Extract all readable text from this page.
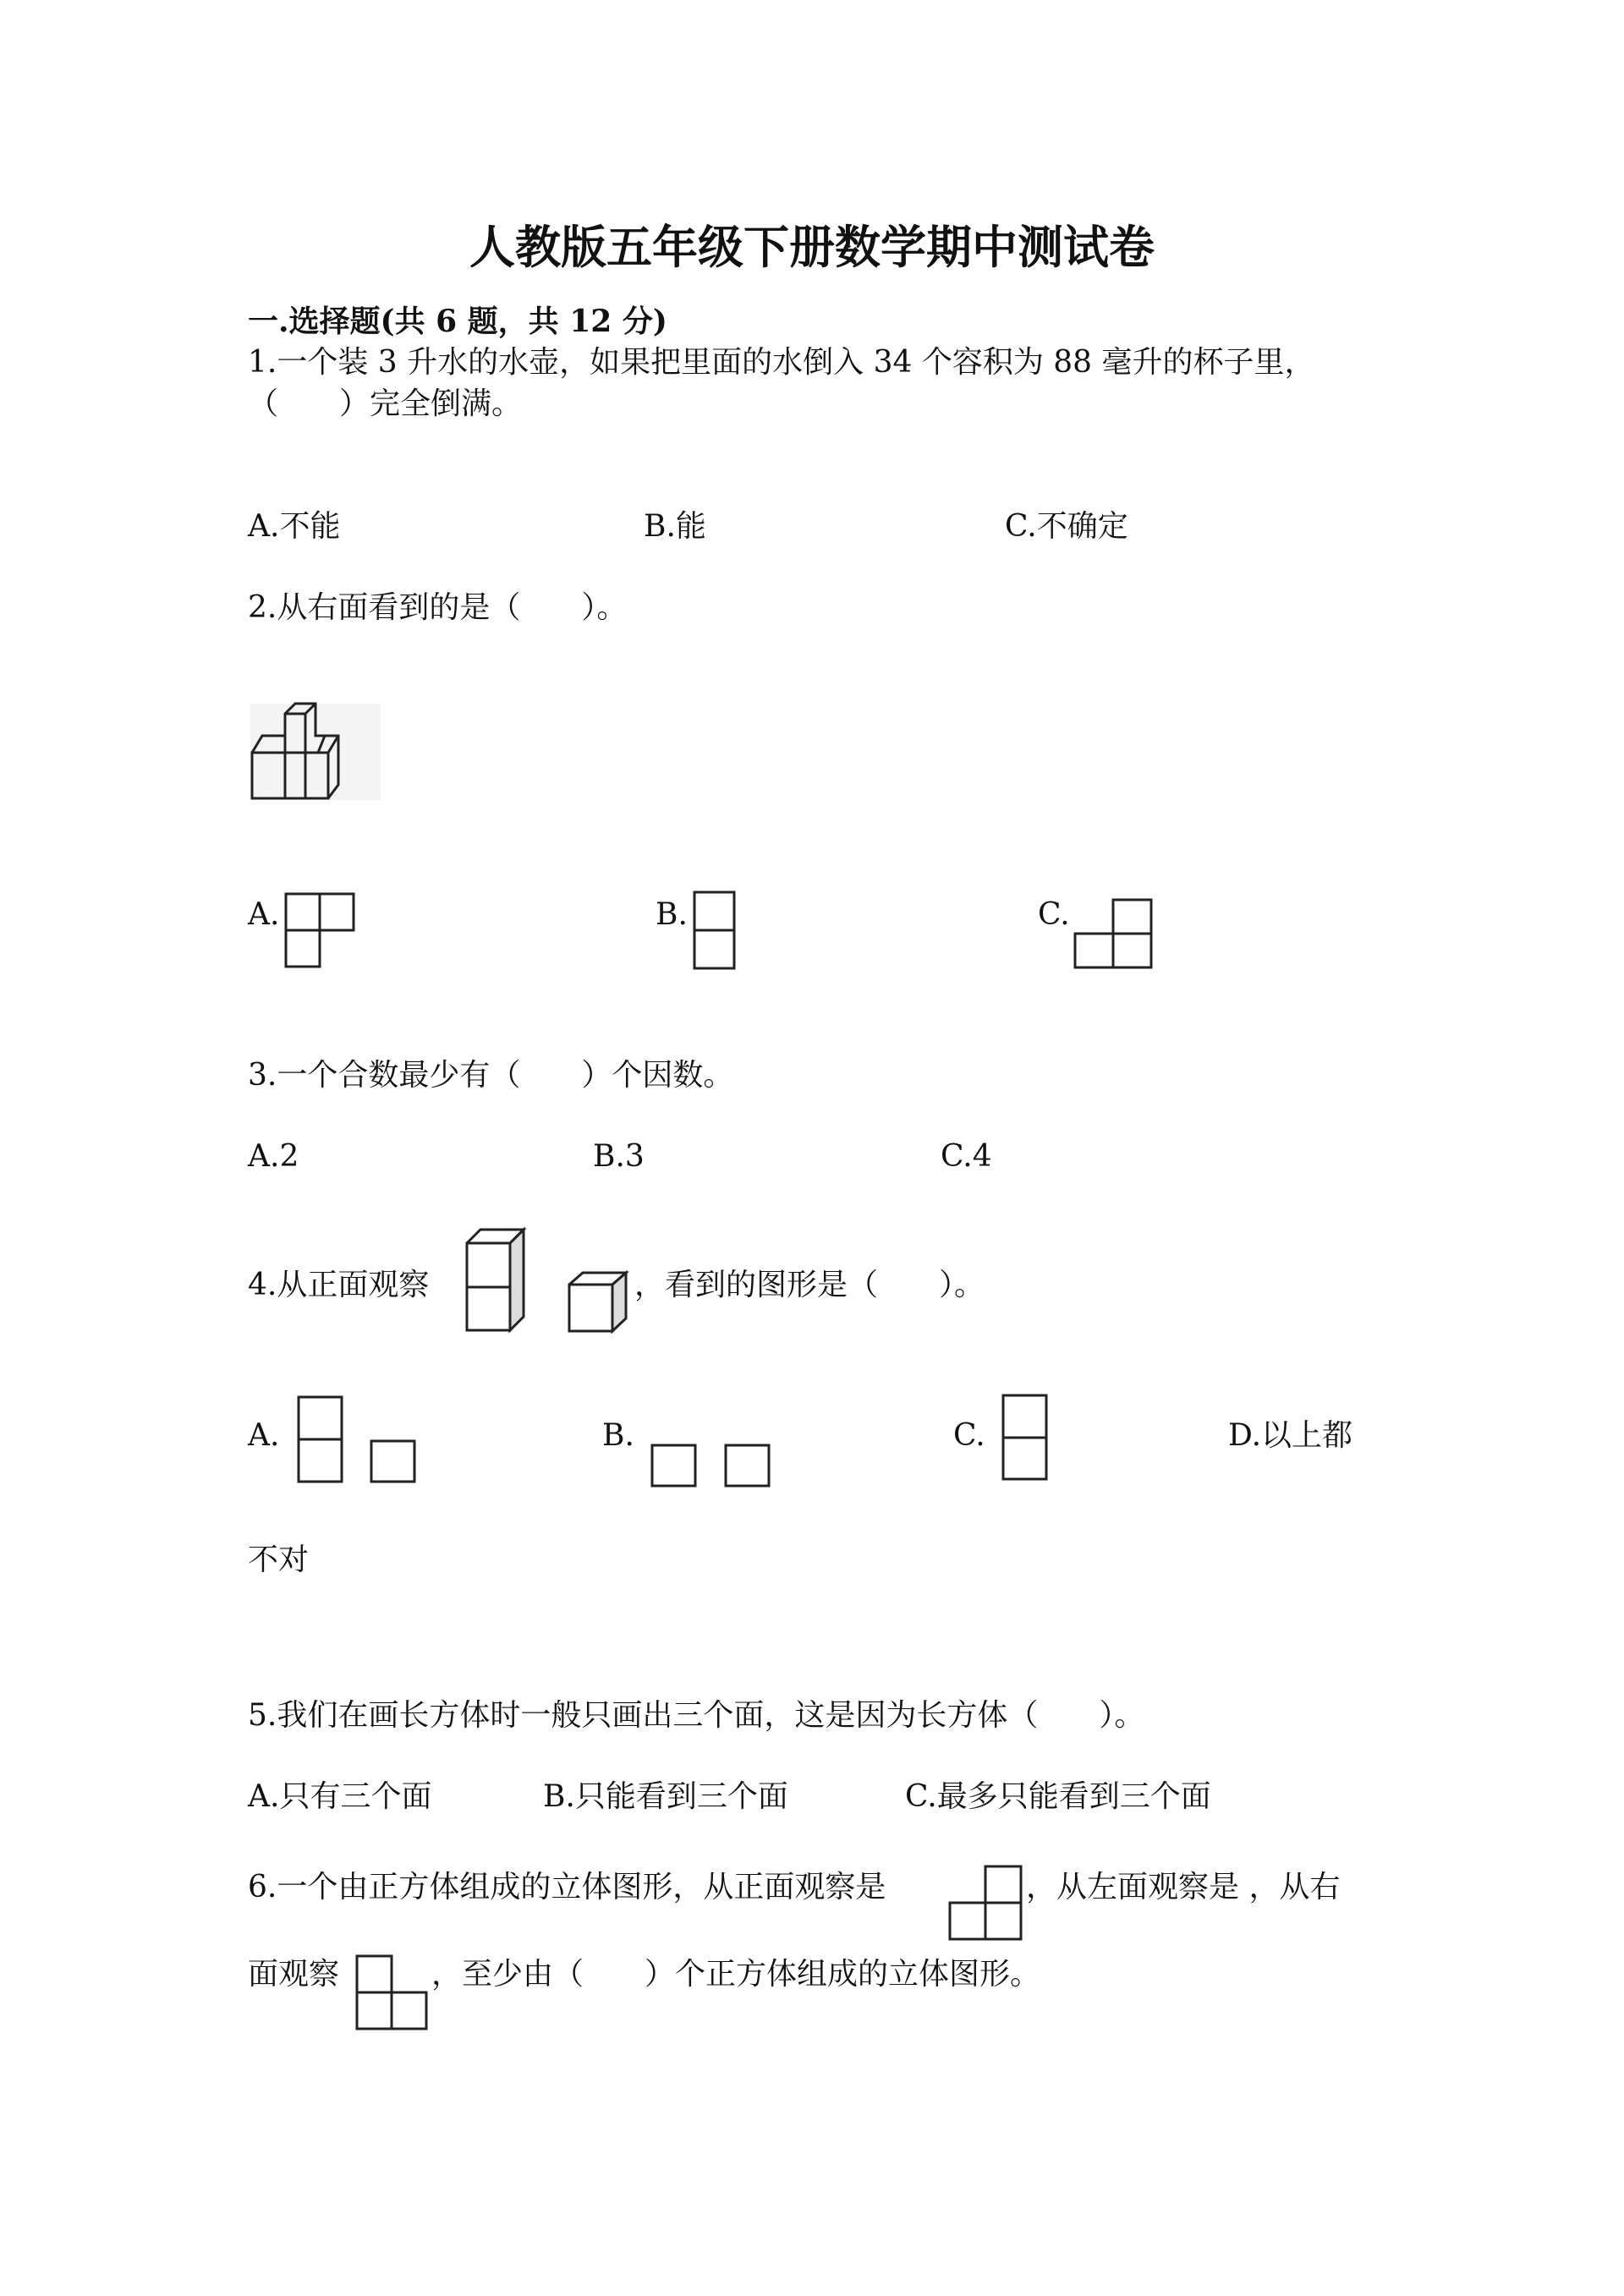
人教版五年级下册数学期中测试卷
一.选择题(共 6 题，共 12 分)
1.一个装 3 升水的水壶，如果把里面的水倒入 34 个容积为 88 毫升的杯子里，
（　　）完全倒满。
A.不能	B.能	C.不确定
2.从右面看到的是（　　）。
A.	B.	C.
3.一个合数最少有（　　）个因数。
A.2	B.3	C.4
4.从正面观察	，看到的图形是（　　）。
A.	B.	C.	D.以上都
不对
5.我们在画长方体时一般只画出三个面，这是因为长方体（　　）。
A.只有三个面	B.只能看到三个面	C.最多只能看到三个面
6.一个由正方体组成的立体图形，从正面观察是	，从左面观察是 ，从右
面观察	，至少由（　　）个正方体组成的立体图形。
